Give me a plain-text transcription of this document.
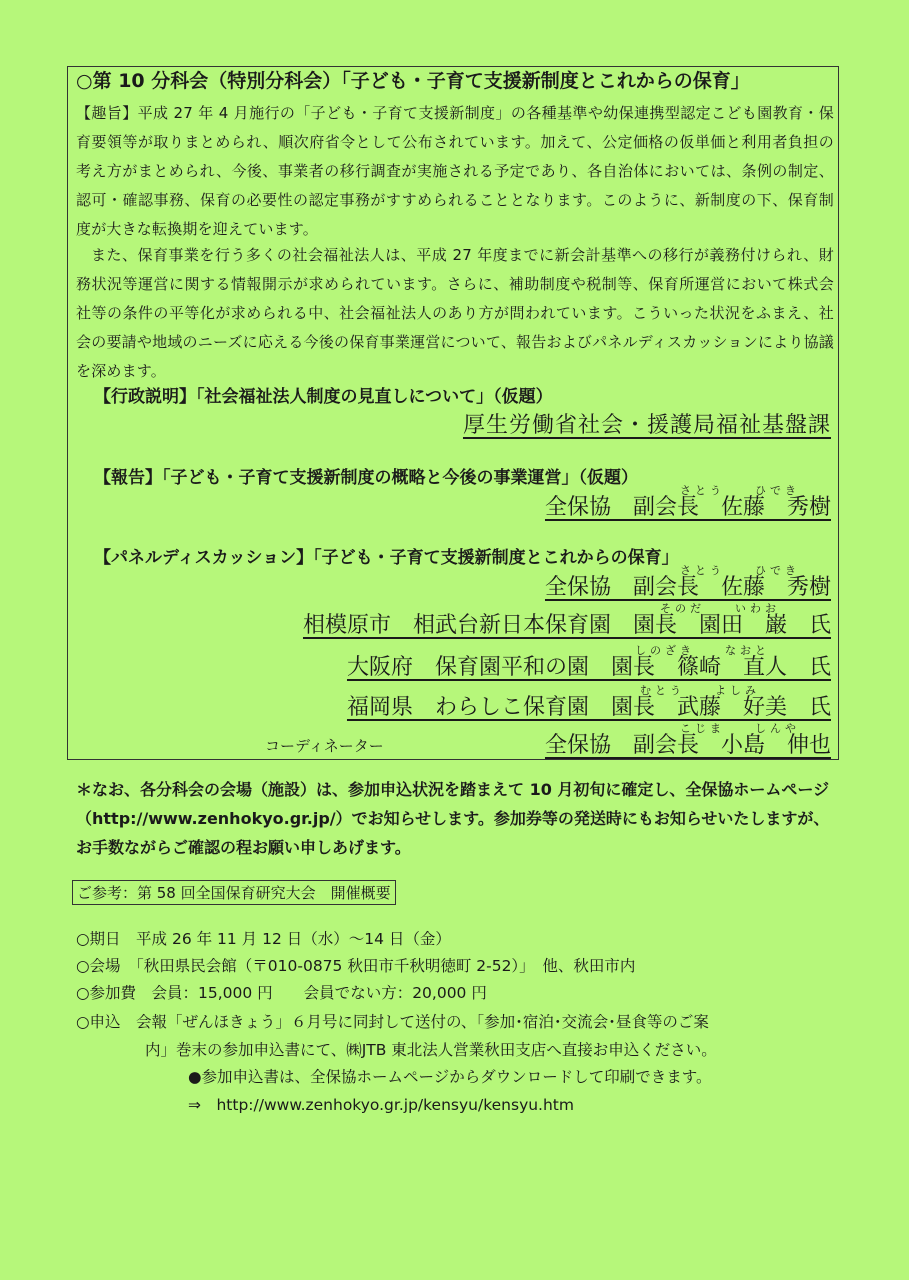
○第 10 分科会（特別分科会）「子ども・子育て支援新制度とこれからの保育」
【趣旨】平成 27 年 4 月施行の「子ども・子育て支援新制度」の各種基準や幼保連携型認定こども園教育・保育要領等が取りまとめられ、順次府省令として公布されています。加えて、公定価格の仮単価と利用者負担の考え方がまとめられ、今後、事業者の移行調査が実施される予定であり、各自治体においては、条例の制定、認可・確認事務、保育の必要性の認定事務がすすめられることとなります。このように、新制度の下、保育制度が大きな転換期を迎えています。
また、保育事業を行う多くの社会福祉法人は、平成 27 年度までに新会計基準への移行が義務付けられ、財務状況等運営に関する情報開示が求められています。さらに、補助制度や税制等、保育所運営において株式会社等の条件の平等化が求められる中、社会福祉法人のあり方が問われています。こういった状況をふまえ、社会の要請や地域のニーズに応える今後の保育事業運営について、報告およびパネルディスカッションにより協議を深めます。
【行政説明】「社会福祉法人制度の見直しについて」（仮題）
厚生労働省社会・援護局福祉基盤課
【報告】「子ども・子育て支援新制度の概略と今後の事業運営」（仮題）
さとう　　ひでき
全保協　副会長　佐藤　秀樹
【パネルディスカッション】「子ども・子育て支援新制度とこれからの保育」
さとう　　ひでき
全保協　副会長　佐藤　秀樹
そのだ　　いわお
相模原市　相武台新日本保育園　園長　園田　巌　氏
しのざき　　なおと
大阪府　保育園平和の園　園長　篠崎　直人　氏
むとう　　よしみ
福岡県　わらしこ保育園　園長　武藤　好美　氏
こじま　　しんや
コーディネーター	全保協　副会長　小島　伸也
＊なお、各分科会の会場（施設）は、参加申込状況を踏まえて 10 月初旬に確定し、全保協ホームページ（http://www.zenhokyo.gr.jp/）でお知らせします。参加券等の発送時にもお知らせいたしますが、お手数ながらご確認の程お願い申しあげます。
ご参考：第 58 回全国保育研究大会　開催概要
○期日　平成 26 年 11 月 12 日（水）～14 日（金）
○会場　「秋田県民会館（〒010-0875 秋田市千秋明徳町 2-52）」　他、秋田市内
○参加費　会員：15,000 円　　会員でない方：20,000 円
○申込　会報「ぜんほきょう」６月号に同封して送付の、「参加･宿泊･交流会･昼食等のご案
内」巻末の参加申込書にて、㈱JTB 東北法人営業秋田支店へ直接お申込ください。
●参加申込書は、全保協ホームページからダウンロードして印刷できます。
⇒　http://www.zenhokyo.gr.jp/kensyu/kensyu.htm
